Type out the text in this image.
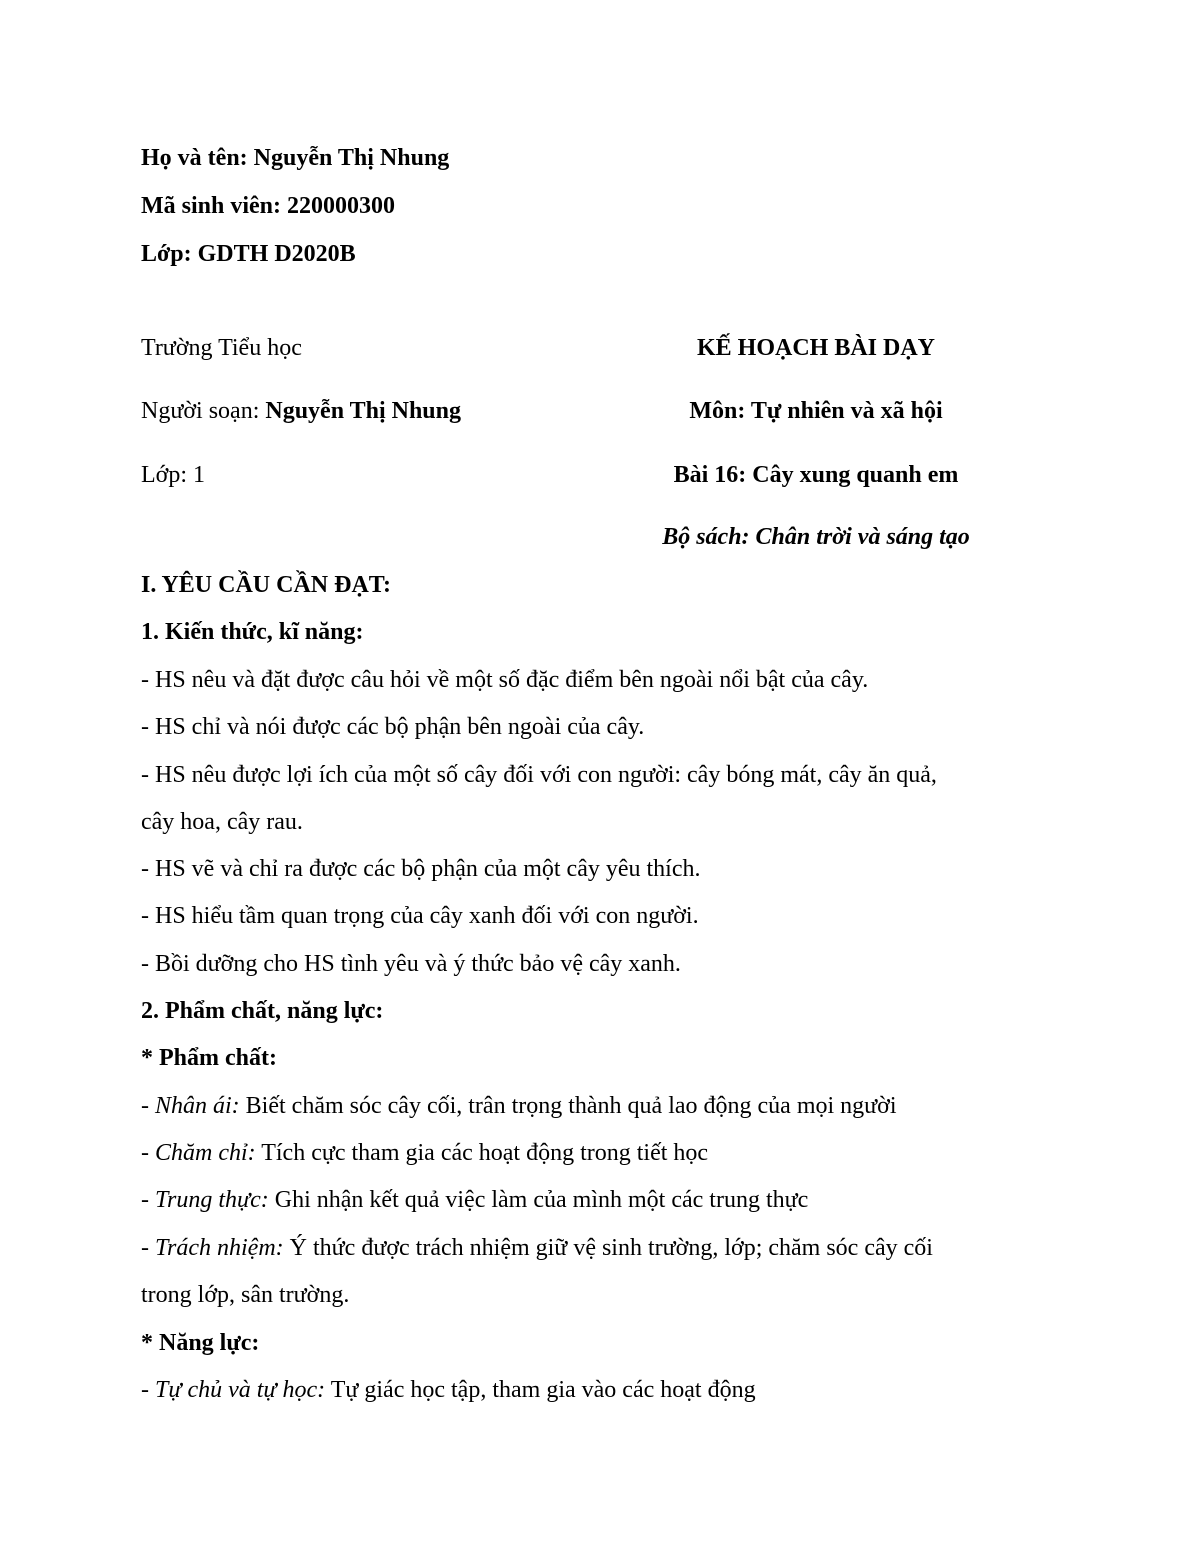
Họ và tên: Nguyễn Thị Nhung
Mã sinh viên: 220000300
Lớp: GDTH D2020B
Trường Tiểu học
Người soạn: Nguyễn Thị Nhung
Lớp: 1
KẾ HOẠCH BÀI DẠY
Môn: Tự nhiên và xã hội
Bài 16: Cây xung quanh em
Bộ sách: Chân trời và sáng tạo
I. YÊU CẦU CẦN ĐẠT:
1. Kiến thức, kĩ năng:
- HS nêu và đặt được câu hỏi về một số đặc điểm bên ngoài nổi bật của cây.
- HS chỉ và nói được các bộ phận bên ngoài của cây.
- HS nêu được lợi ích của một số cây đối với con người: cây bóng mát, cây ăn quả,
cây hoa, cây rau.
- HS vẽ và chỉ ra được các bộ phận của một cây yêu thích.
- HS hiểu tầm quan trọng của cây xanh đối với con người.
- Bồi dưỡng cho HS tình yêu và ý thức bảo vệ cây xanh.
2. Phẩm chất, năng lực:
* Phẩm chất:
- Nhân ái: Biết chăm sóc cây cối, trân trọng thành quả lao động của mọi người
- Chăm chỉ: Tích cực tham gia các hoạt động trong tiết học
- Trung thực: Ghi nhận kết quả việc làm của mình một các trung thực
- Trách nhiệm: Ý thức được trách nhiệm giữ vệ sinh trường, lớp; chăm sóc cây cối
trong lớp, sân trường.
* Năng lực:
- Tự chủ và tự học: Tự giác học tập, tham gia vào các hoạt động
